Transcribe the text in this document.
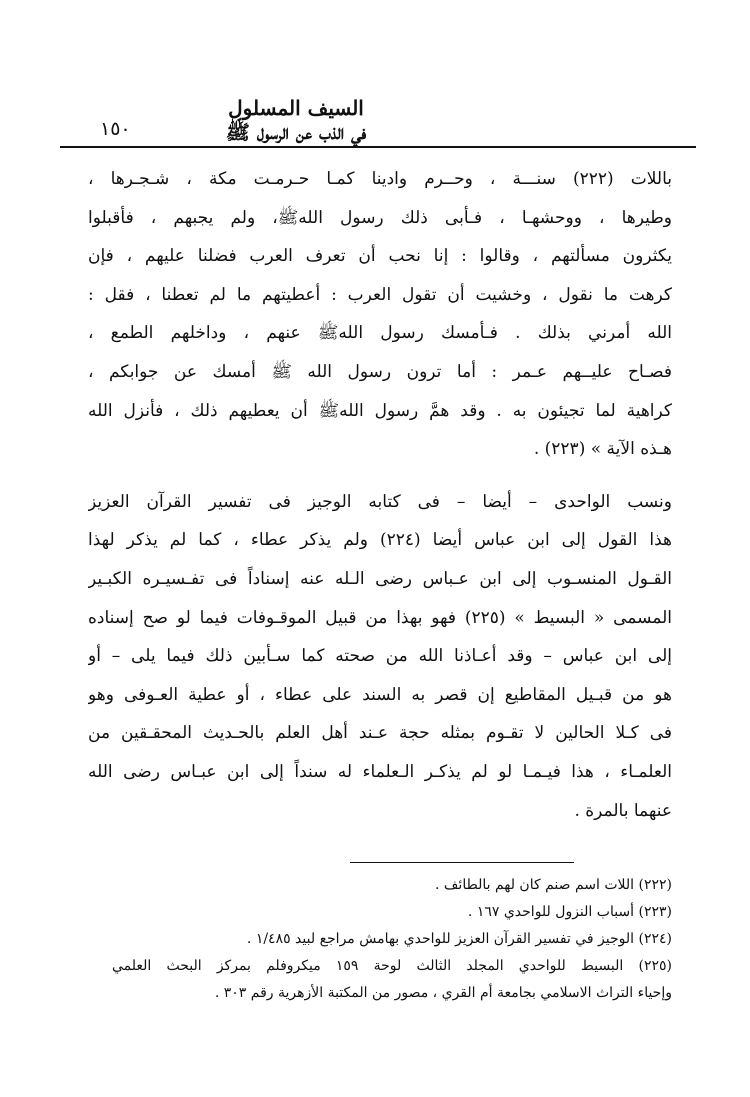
١٥٠
السيف المسلول
في الذب عن الرسول ﷺ
باللات (٢٢٢) سنـــة ، وحــرم وادينا كمـا حـرمـت مكة ، شـجـرها ،
وطيرها ، ووحشهـا ، فـأبى ذلك رسول اللهﷺ، ولم يجبهم ، فأقبلوا
يكثرون مسألتهم ، وقالوا : إنا نحب أن تعرف العرب فضلنا عليهم ، فإن
كرهت ما نقول ، وخشيت أن تقول العرب : أعطيتهم ما لم تعطنا ، فقل :
الله أمرني بذلك . فـأمسك رسول اللهﷺ عنهم ، وداخلهم الطمع ،
فصـاح عليــهم عـمر : أما ترون رسول الله ﷺ أمسك عن جوابكم ،
كراهية لما تجيئون به . وقد همَّ رسول اللهﷺ أن يعطيهم ذلك ، فأنزل الله
هـذه الآية » (٢٢٣) .
ونسب الواحدى – أيضا – فى كتابه الوجيز فى تفسير القرآن العزيز
هذا القول إلى ابن عباس أيضا (٢٢٤) ولم يذكر عطاء ، كما لم يذكر لهذا
القـول المنسـوب إلى ابن عـباس رضى الـله عنه إسناداً فى تفـسيـره الكبـير
المسمى « البسيط » (٢٢٥) فهو بهذا من قبيل الموقـوفات فيما لو صح إسناده
إلى ابن عباس – وقد أعـاذنا الله من صحته كما سـأبين ذلك فيما يلى – أو
هو من قبـيل المقاطيع إن قصر به السند على عطاء ، أو عطية العـوفى وهو
فى كـلا الحالين لا تقـوم بمثله حجة عـند أهل العلم بالحـديث المحقـقين من
العلمـاء ، هذا فيـمـا لو لم يذكـر الـعلماء له سنداً إلى ابن عبـاس رضى الله
عنهما بالمرة .
(٢٢٢) اللات اسم صنم كان لهم بالطائف .
(٢٢٣) أسباب النزول للواحدي ١٦٧ .
(٢٢٤) الوجيز في تفسير القرآن العزيز للواحدي بهامش مراجع لبيد ١/٤٨٥ .
(٢٢٥) البسيط للواحدي المجلد الثالث لوحة ١٥٩ ميكروفلم بمركز البحث العلمي
وإحياء التراث الاسلامي بجامعة أم القري ، مصور من المكتبة الأزهرية رقم ٣٠٣ .
